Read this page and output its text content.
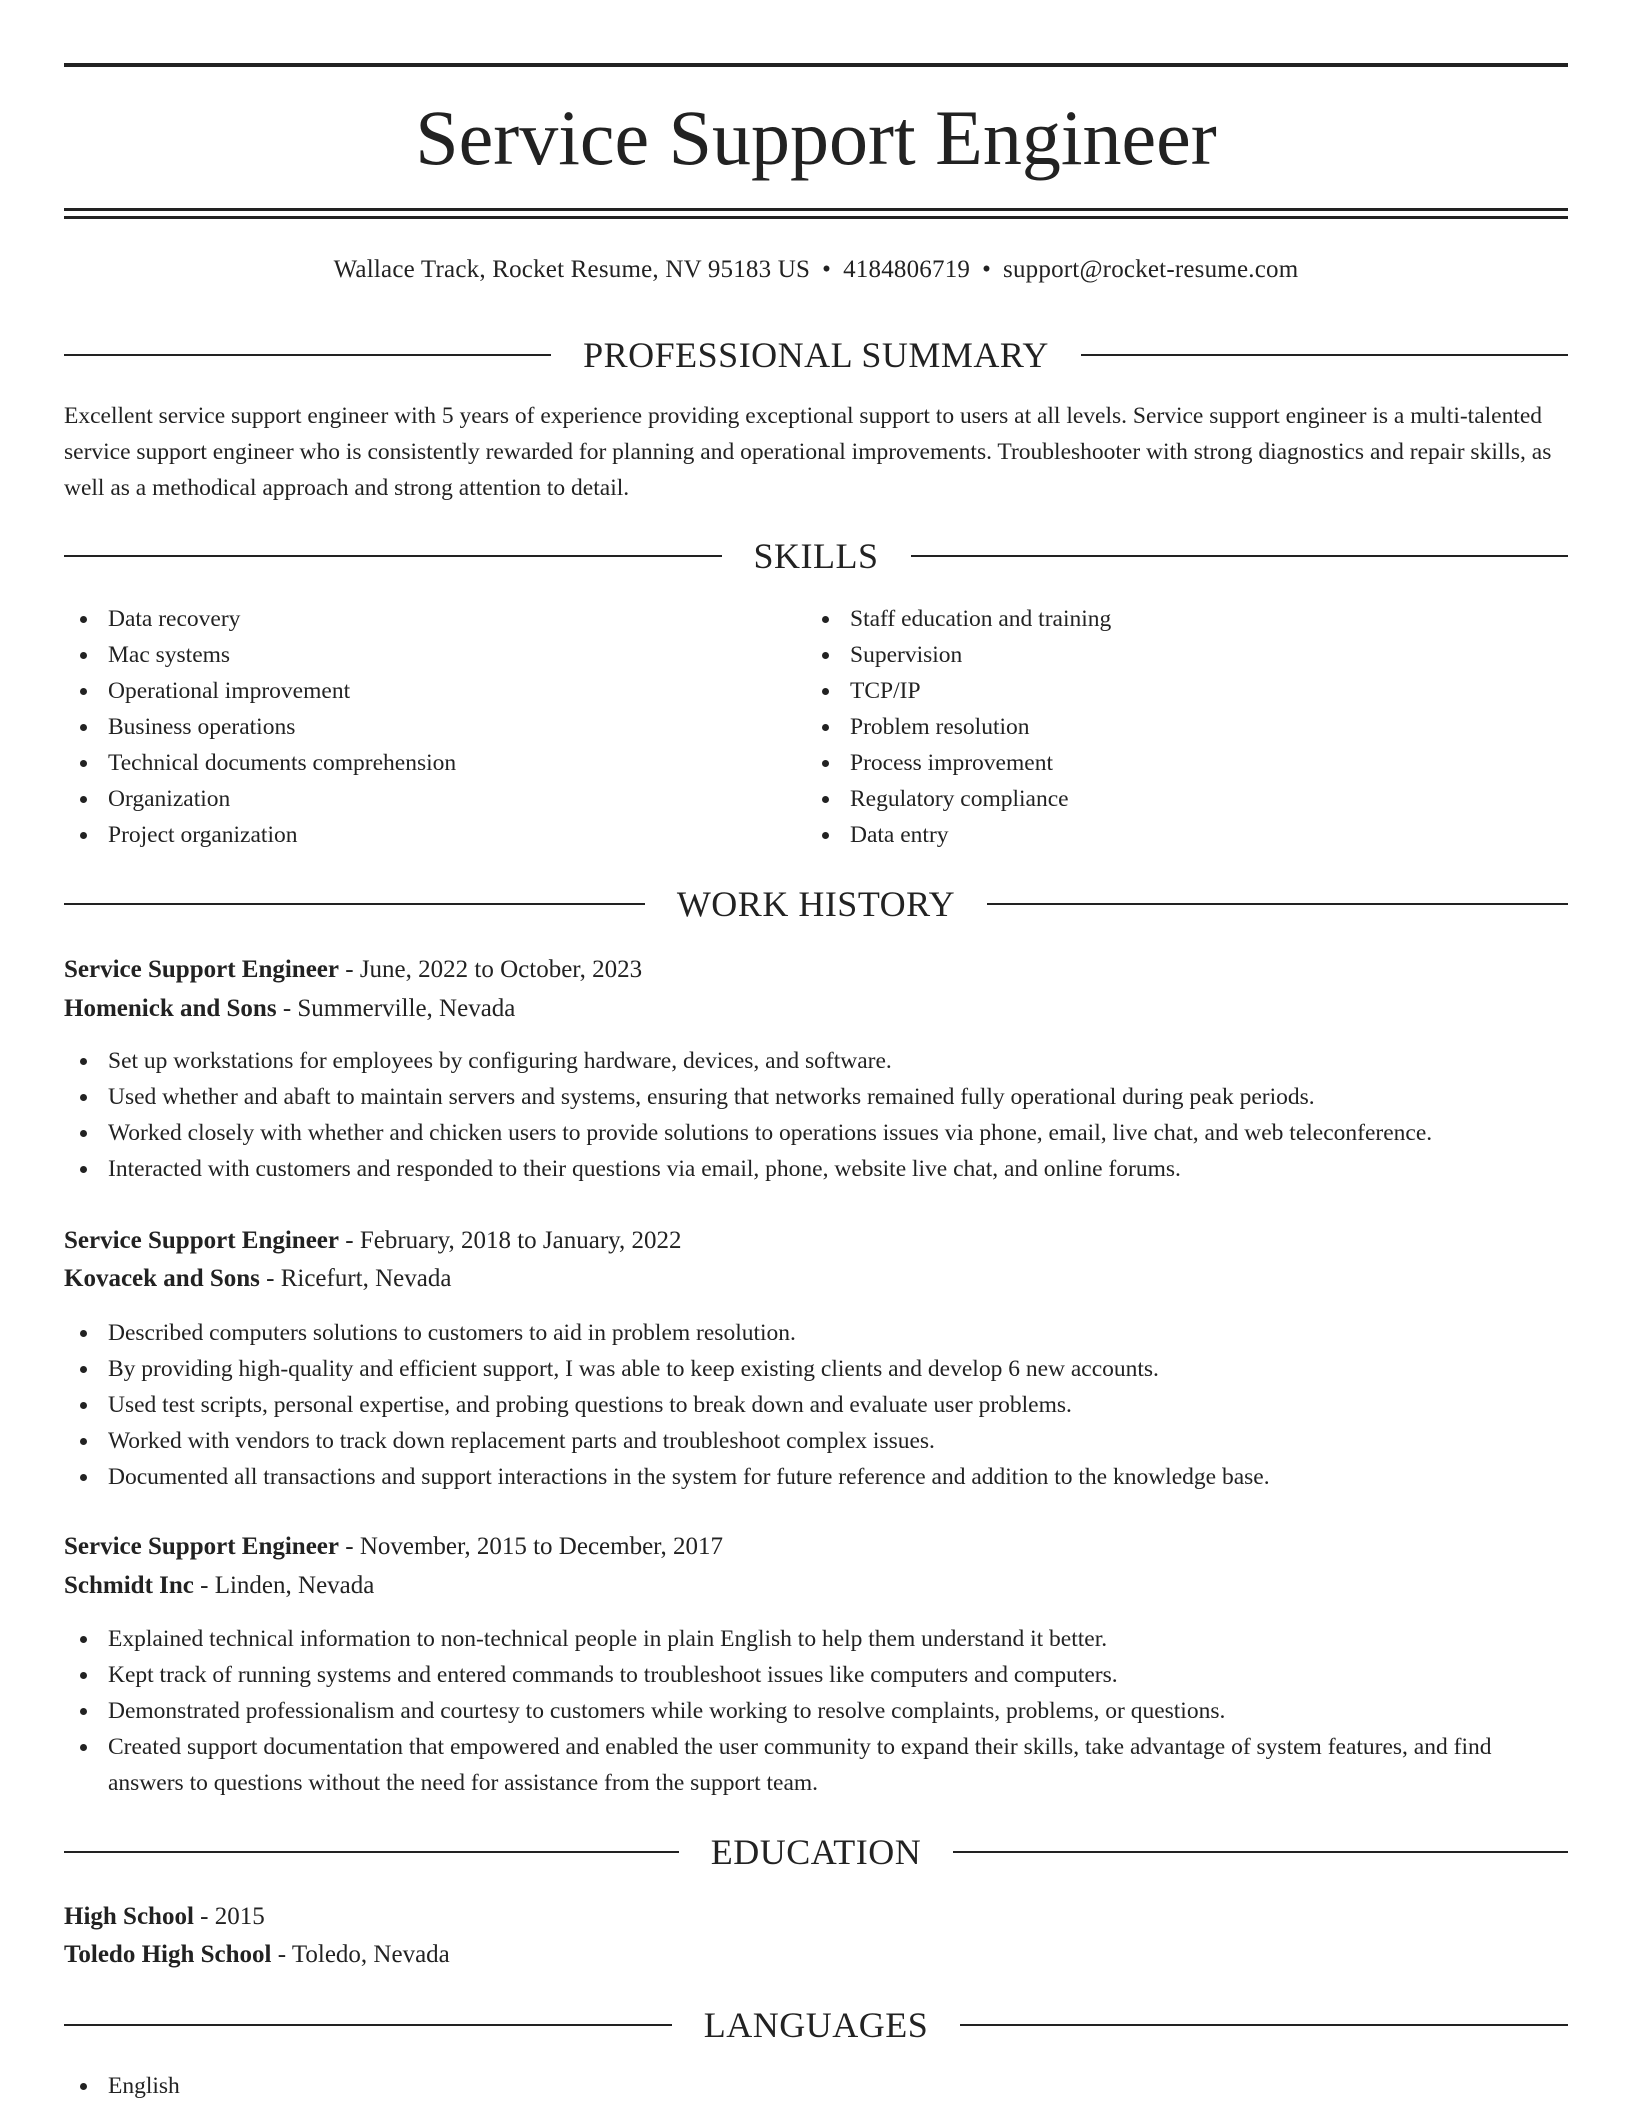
Service Support Engineer
Wallace Track, Rocket Resume, NV 95183 US • 4184806719 • support@rocket-resume.com
PROFESSIONAL SUMMARY
Excellent service support engineer with 5 years of experience providing exceptional support to users at all levels. Service support engineer is a multi-talented service support engineer who is consistently rewarded for planning and operational improvements. Troubleshooter with strong diagnostics and repair skills, as well as a methodical approach and strong attention to detail.
SKILLS
Data recovery
Mac systems
Operational improvement
Business operations
Technical documents comprehension
Organization
Project organization
Staff education and training
Supervision
TCP/IP
Problem resolution
Process improvement
Regulatory compliance
Data entry
WORK HISTORY
Service Support Engineer - June, 2022 to October, 2023
Homenick and Sons - Summerville, Nevada
Set up workstations for employees by configuring hardware, devices, and software.
Used whether and abaft to maintain servers and systems, ensuring that networks remained fully operational during peak periods.
Worked closely with whether and chicken users to provide solutions to operations issues via phone, email, live chat, and web teleconference.
Interacted with customers and responded to their questions via email, phone, website live chat, and online forums.
Service Support Engineer - February, 2018 to January, 2022
Kovacek and Sons - Ricefurt, Nevada
Described computers solutions to customers to aid in problem resolution.
By providing high-quality and efficient support, I was able to keep existing clients and develop 6 new accounts.
Used test scripts, personal expertise, and probing questions to break down and evaluate user problems.
Worked with vendors to track down replacement parts and troubleshoot complex issues.
Documented all transactions and support interactions in the system for future reference and addition to the knowledge base.
Service Support Engineer - November, 2015 to December, 2017
Schmidt Inc - Linden, Nevada
Explained technical information to non-technical people in plain English to help them understand it better.
Kept track of running systems and entered commands to troubleshoot issues like computers and computers.
Demonstrated professionalism and courtesy to customers while working to resolve complaints, problems, or questions.
Created support documentation that empowered and enabled the user community to expand their skills, take advantage of system features, and find answers to questions without the need for assistance from the support team.
EDUCATION
High School - 2015
Toledo High School - Toledo, Nevada
LANGUAGES
English
